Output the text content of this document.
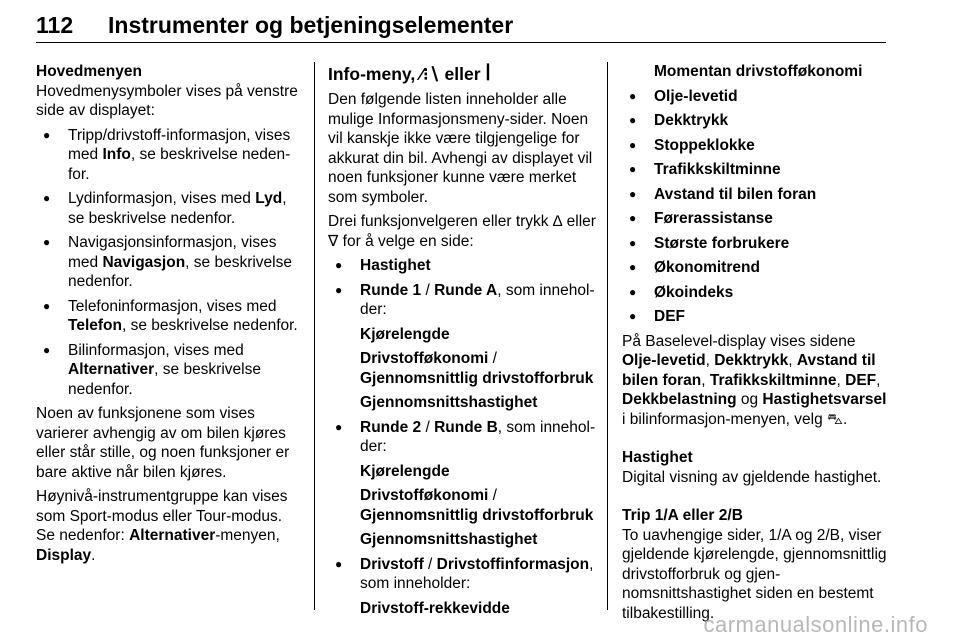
112 Instrumenter og betjeningselementer
Hovedmenyen

Hovedmenysymboler vises på venstre side av displayet:

● Tripp/drivstoff-informasjon, vises med Info, se beskrivelse nedenfor.
● Lydinformasjon, vises med Lyd, se beskrivelse nedenfor.
● Navigasjonsinformasjon, vises med Navigasjon, se beskrivelse nedenfor.
● Telefoninformasjon, vises med Telefon, se beskrivelse nedenfor.
● Bilinformasjon, vises med Alternativer, se beskrivelse nedenfor.

Noen av funksjonene som vises varierer avhengig av om bilen kjøres eller står stille, og noen funksjoner er bare aktive når bilen kjøres.

Høynivå-instrumentgruppe kan vises som Sport-modus eller Tour-modus. Se nedenfor: Alternativer-menyen, Display.

Info-meny, ⁄⁝∖ eller ꟾ

Den følgende listen inneholder alle mulige Informasjonsmeny-sider. Noen vil kanskje ikke være tilgjengelige for akkurat din bil. Avhengi av displayet vil noen funksjoner kunne være merket som symboler.

Drei funksjonvelgeren eller trykk ∆ eller ∇ for å velge en side:

● Hastighet
● Runde 1 / Runde A, som inneholder:
Kjørelengde
Drivstofføkonomi /
Gjennomsnittlig drivstofforbruk
Gjennomsnittshastighet
● Runde 2 / Runde B, som inneholder:
Kjørelengde
Drivstofføkonomi /
Gjennomsnittlig drivstofforbruk
Gjennomsnittshastighet
● Drivstoff / Drivstoffinformasjon, som inneholder:
Drivstoff-rekkevidde
Momentan drivstofføkonomi
● Olje-levetid
● Dekktrykk
● Stoppeklokke
● Trafikkskiltminne
● Avstand til bilen foran
● Førerassistanse
● Største forbrukere
● Økonomitrend
● Økoindeks
● DEF

På Baselevel-display vises sidene Olje-levetid, Dekktrykk, Avstand til bilen foran, Trafikkskiltminne, DEF, Dekkbelastning og Hastighetsvarsel i bilinformasjon-menyen, velg ⛍.

Hastighet

Digital visning av gjeldende hastighet.

Trip 1/A eller 2/B

To uavhengige sider, 1/A og 2/B, viser gjeldende kjørelengde, gjennomsnittlig drivstofforbruk og gjennomsnittshastighet siden en bestemt tilbakestilling.

carmanualsonline.info
